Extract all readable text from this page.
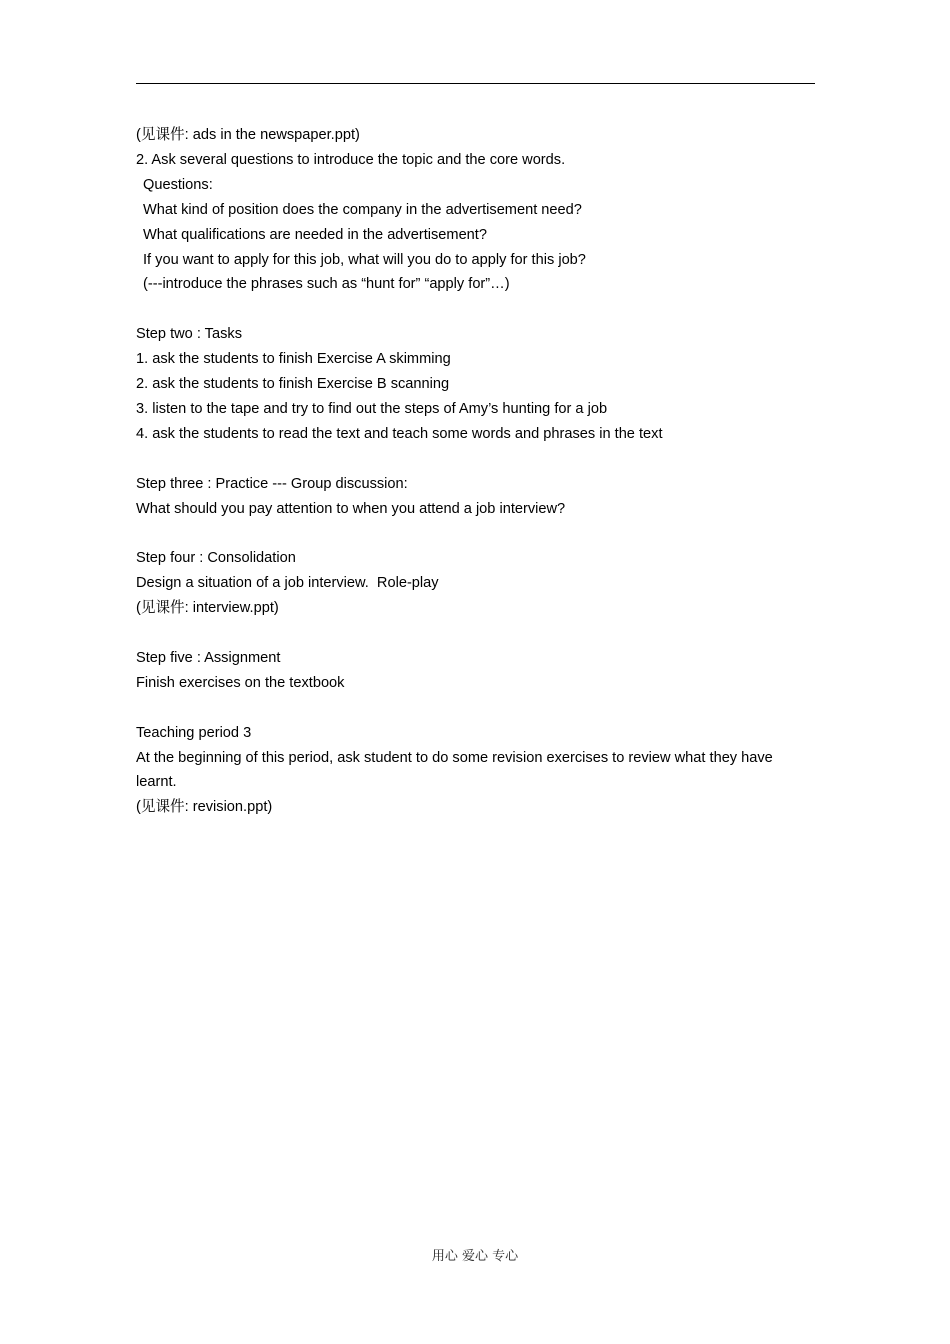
(见课件: ads in the newspaper.ppt)
2. Ask several questions to introduce the topic and the core words.
Questions:
What kind of position does the company in the advertisement need?
What qualifications are needed in the advertisement?
If you want to apply for this job, what will you do to apply for this job?
(---introduce the phrases such as “hunt for” “apply for”…)
Step two : Tasks
1. ask the students to finish Exercise A skimming
2. ask the students to finish Exercise B scanning
3. listen to the tape and try to find out the steps of Amy’s hunting for a job
4. ask the students to read the text and teach some words and phrases in the text
Step three : Practice --- Group discussion:
What should you pay attention to when you attend a job interview?
Step four : Consolidation
Design a situation of a job interview.  Role-play
(见课件: interview.ppt)
Step five : Assignment
Finish exercises on the textbook
Teaching period 3
At the beginning of this period, ask student to do some revision exercises to review what they have
learnt.
(见课件: revision.ppt)
用心 爱心 专心
